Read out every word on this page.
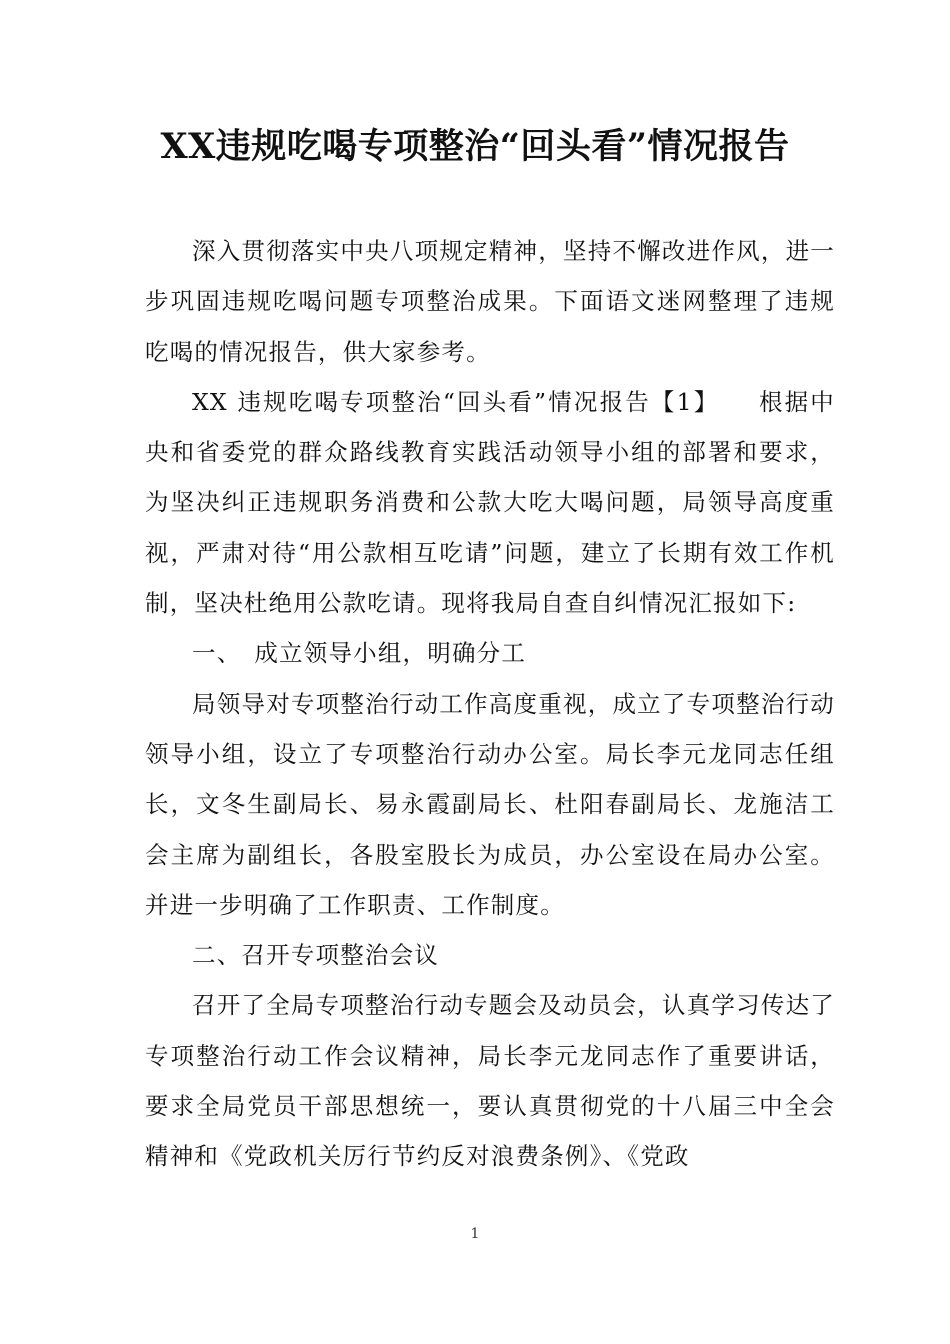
XX违规吃喝专项整治“回头看”情况报告

深入贯彻落实中央八项规定精神，坚持不懈改进作风，进一步巩固违规吃喝问题专项整治成果。下面语文迷网整理了违规吃喝的情况报告，供大家参考。

XX 违规吃喝专项整治“回头看”情况报告【1】　　根据中央和省委党的群众路线教育实践活动领导小组的部署和要求，为坚决纠正违规职务消费和公款大吃大喝问题，局领导高度重视，严肃对待“用公款相互吃请”问题，建立了长期有效工作机制，坚决杜绝用公款吃请。现将我局自查自纠情况汇报如下:

一、　成立领导小组，明确分工

局领导对专项整治行动工作高度重视，成立了专项整治行动领导小组，设立了专项整治行动办公室。局长李元龙同志任组长，文冬生副局长、易永霞副局长、杜阳春副局长、龙施洁工会主席为副组长，各股室股长为成员，办公室设在局办公室。并进一步明确了工作职责、工作制度。

二、召开专项整治会议

召开了全局专项整治行动专题会及动员会，认真学习传达了专项整治行动工作会议精神，局长李元龙同志作了重要讲话，要求全局党员干部思想统一，要认真贯彻党的十八届三中全会精神和《党政机关厉行节约反对浪费条例》、《党政

1
